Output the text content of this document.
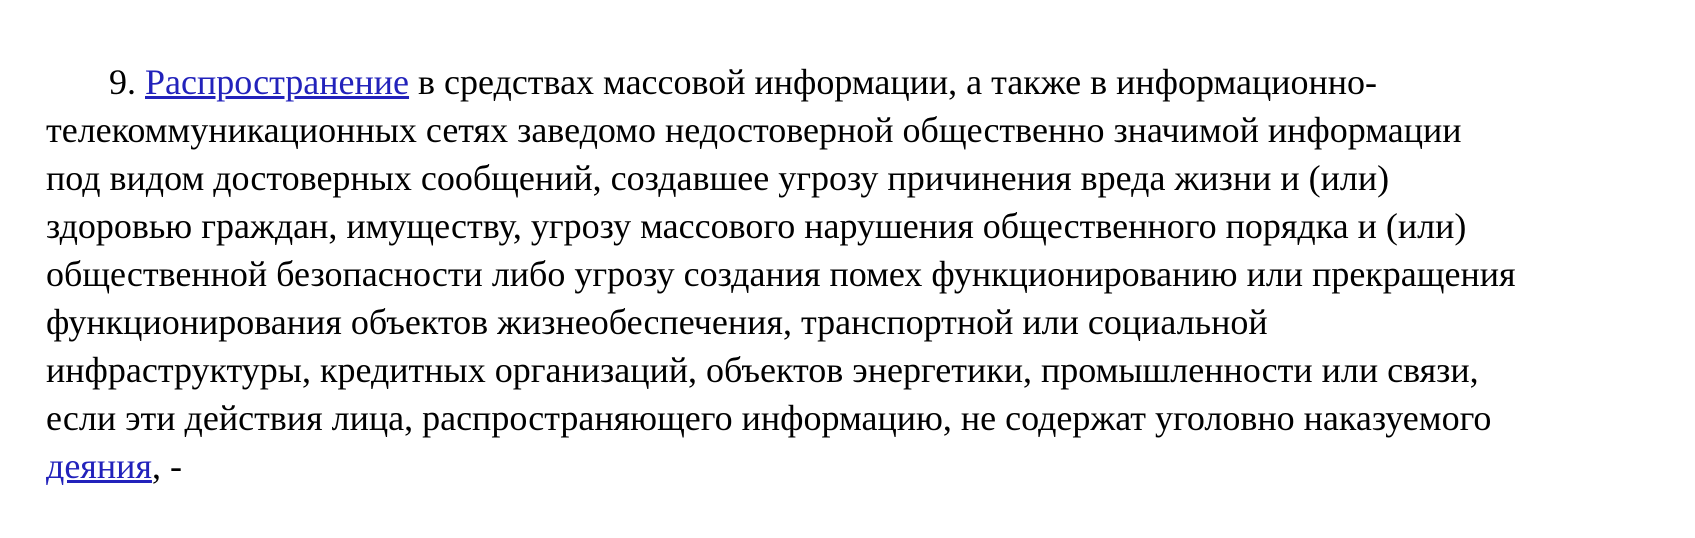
9. Распространение в средствах массовой информации, а также в информационно-

телекоммуникационных сетях заведомо недостоверной общественно значимой информации

под видом достоверных сообщений, создавшее угрозу причинения вреда жизни и (или)

здоровью граждан, имуществу, угрозу массового нарушения общественного порядка и (или)

общественной безопасности либо угрозу создания помех функционированию или прекращения

функционирования объектов жизнеобеспечения, транспортной или социальной

инфраструктуры, кредитных организаций, объектов энергетики, промышленности или связи,

если эти действия лица, распространяющего информацию, не содержат уголовно наказуемого

деяния, -
